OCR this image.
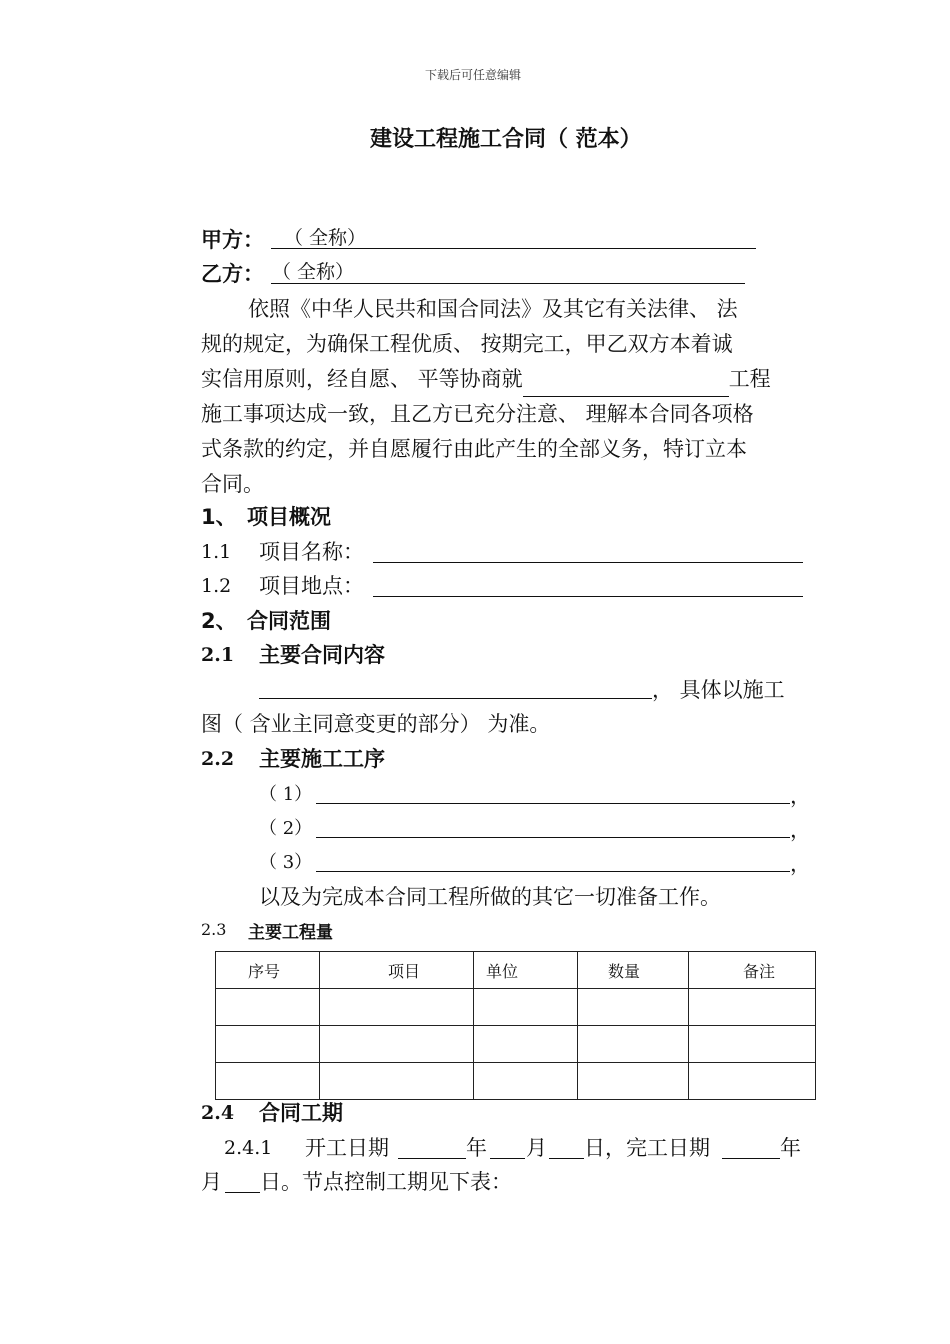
下载后可任意编辑
建设工程施工合同（ 范本）
甲方： （ 全称）
乙方： （ 全称）

依照《中华人民共和国合同法》及其它有关法律、 法

规的规定，为确保工程优质、 按期完工，甲乙双方本着诚

实信用原则，经自愿、 平等协商就	工程

施工事项达成一致，且乙方已充分注意、 理解本合同各项格

式条款的约定，并自愿履行由此产生的全部义务，特订立本

合同。

1、 项目概况
1.1 项目名称：
1.2 项目地点：
2、 合同范围
2.1 主要合同内容
， 具体以施工
图（ 含业主同意变更的部分） 为准。
2.2 主要施工工序
（ 1）	，
（ 2）	，
（ 3）	，
以及为完成本合同工程所做的其它一切准备工作。
2.3 主要工程量
序号	项目	单位	数量	备注

2.4 合同工期
2.4.1 开工日期	年 月 日，完工日期	年
月 日。节点控制工期见下表：
